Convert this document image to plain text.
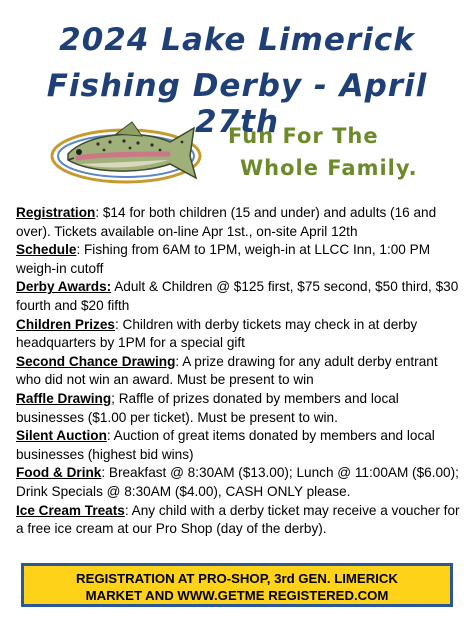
2024 Lake Limerick
Fishing Derby - April 27th
Fun For The
Whole Family.

Registration: $14 for both children (15 and under) and adults (16 and over). Tickets available on-line Apr 1st., on-site April 12th

Schedule: Fishing from 6AM to 1PM, weigh-in at LLCC Inn, 1:00 PM weigh-in cutoff

Derby Awards: Adult & Children @ $125 first, $75 second, $50 third, $30 fourth and $20 fifth

Children Prizes: Children with derby tickets may check in at derby headquarters by 1PM for a special gift

Second Chance Drawing: A prize drawing for any adult derby entrant who did not win an award. Must be present to win

Raffle Drawing; Raffle of prizes donated by members and local businesses ($1.00 per ticket). Must be present to win.

Silent Auction: Auction of great items donated by members and local businesses (highest bid wins)

Food & Drink: Breakfast @ 8:30AM ($13.00); Lunch @ 11:00AM ($6.00); Drink Specials @ 8:30AM ($4.00), CASH ONLY please.

Ice Cream Treats: Any child with a derby ticket may receive a voucher for a free ice cream at our Pro Shop (day of the derby).

REGISTRATION AT PRO-SHOP, 3rd GEN. LIMERICK
MARKET AND WWW.GETME REGISTERED.COM
